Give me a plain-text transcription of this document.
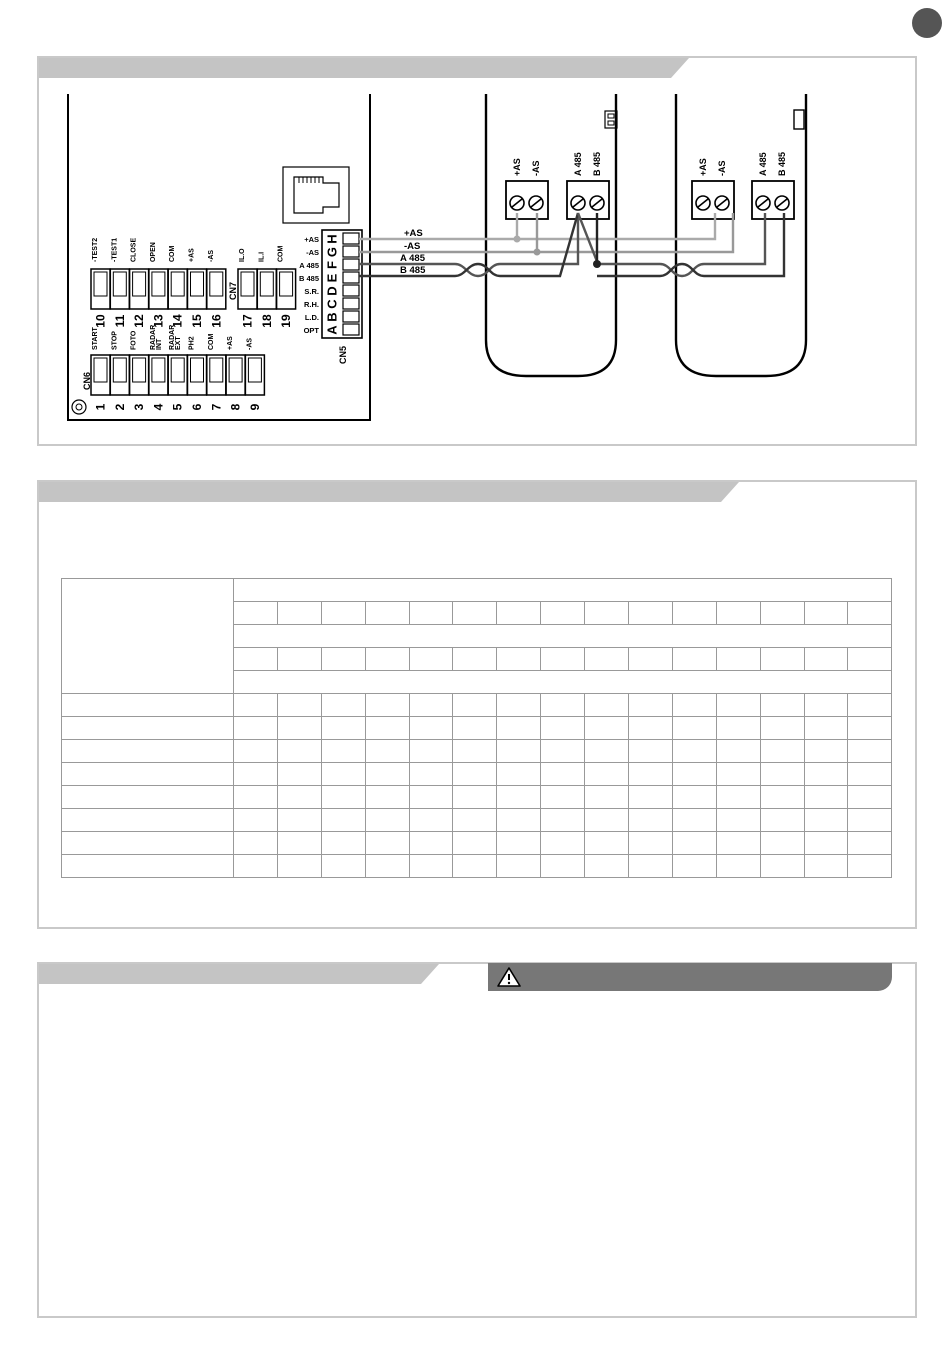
10
-TEST2
11
-TEST1
12
CLOSE
13
OPEN
14
COM
15
+AS
16
-AS
17
IL.O
18
IL.I
19
COM
1
START
2
STOP
3
FOTO
4
RADAR INT
5
RADAR EXT
6
PH2
7
COM
8
+AS
9
-AS
CN6
CN7
H
+AS
G
-AS
F
A 485
E
B 485
D
S.R.
C
R.H.
B
L.D.
A
OPT
CN5
+AS -AS	A 485 B 485	+AS -AS	A 485 B 485
+AS
-AS
A 485
B 485
